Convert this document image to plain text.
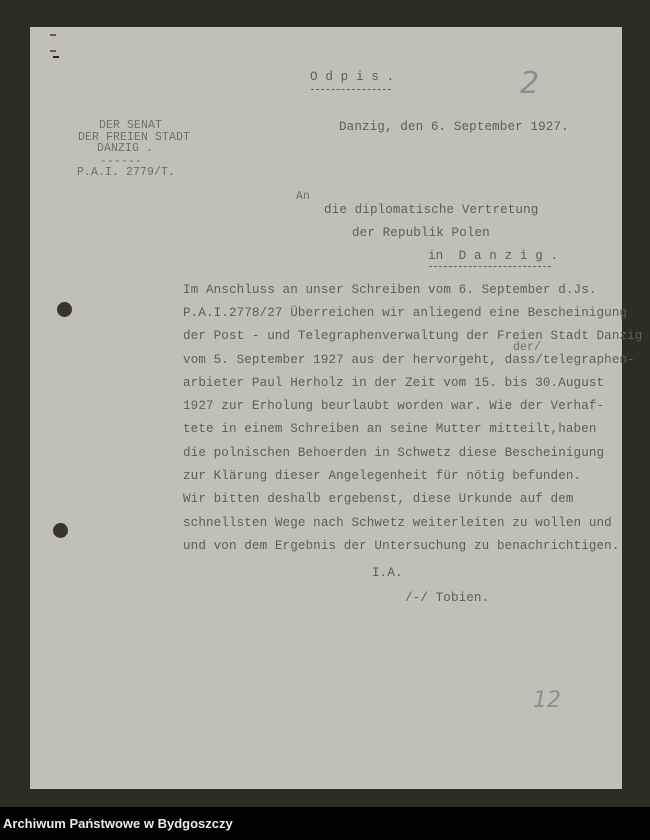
O d p i s .	2
DER SENAT
DER FREIEN STADT
DANZIG .
------
P.A.I. 2779/T.
Danzig, den 6. September 1927.
An
die diplomatische Vertretung
der Republik Polen
in  D a n z i g .
Im Anschluss an unser Schreiben vom 6. September d.Js.
P.A.I.2778/27 Überreichen wir anliegend eine Bescheinigung
der Post - und Telegraphenverwaltung der Freien Stadt Danzig
der/
vom 5. September 1927 aus der hervorgeht, dass/telegraphen-
arbieter Paul Herholz in der Zeit vom 15. bis 30.August
1927 zur Erholung beurlaubt worden war. Wie der Verhaf-
tete in einem Schreiben an seine Mutter mitteilt,haben
die polnischen Behoerden in Schwetz diese Bescheinigung
zur Klärung dieser Angelegenheit für nötig befunden.
Wir bitten deshalb ergebenst, diese Urkunde auf dem
schnellsten Wege nach Schwetz weiterleiten zu wollen und
und von dem Ergebnis der Untersuchung zu benachrichtigen.
I.A.
/-/ Tobien.
12
Archiwum Państwowe w Bydgoszczy
